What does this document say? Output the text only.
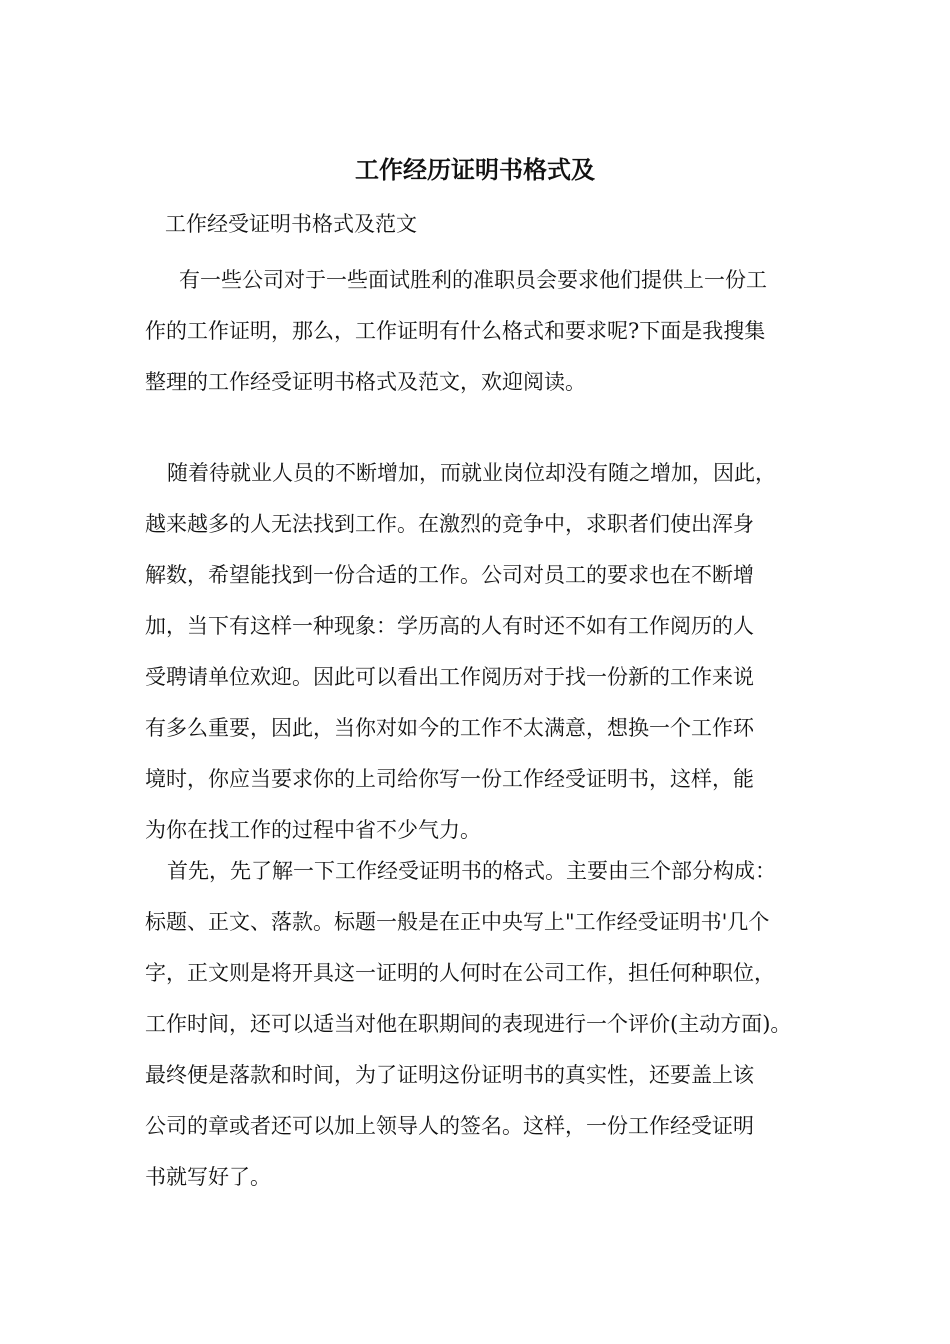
工作经历证明书格式及

工作经受证明书格式及范文

有一些公司对于一些面试胜利的准职员会要求他们提供上一份工
作的工作证明，那么，工作证明有什么格式和要求呢?下面是我搜集
整理的工作经受证明书格式及范文，欢迎阅读。

随着待就业人员的不断增加，而就业岗位却没有随之增加，因此，
越来越多的人无法找到工作。在激烈的竞争中，求职者们使出浑身
解数，希望能找到一份合适的工作。公司对员工的要求也在不断增
加，当下有这样一种现象：学历高的人有时还不如有工作阅历的人
受聘请单位欢迎。因此可以看出工作阅历对于找一份新的工作来说
有多么重要，因此，当你对如今的工作不太满意，想换一个工作环
境时，你应当要求你的上司给你写一份工作经受证明书，这样，能
为你在找工作的过程中省不少气力。

首先，先了解一下工作经受证明书的格式。主要由三个部分构成：
标题、正文、落款。标题一般是在正中央写上"工作经受证明书'几个
字，正文则是将开具这一证明的人何时在公司工作，担任何种职位，
工作时间，还可以适当对他在职期间的表现进行一个评价(主动方面)。
最终便是落款和时间，为了证明这份证明书的真实性，还要盖上该
公司的章或者还可以加上领导人的签名。这样，一份工作经受证明
书就写好了。
